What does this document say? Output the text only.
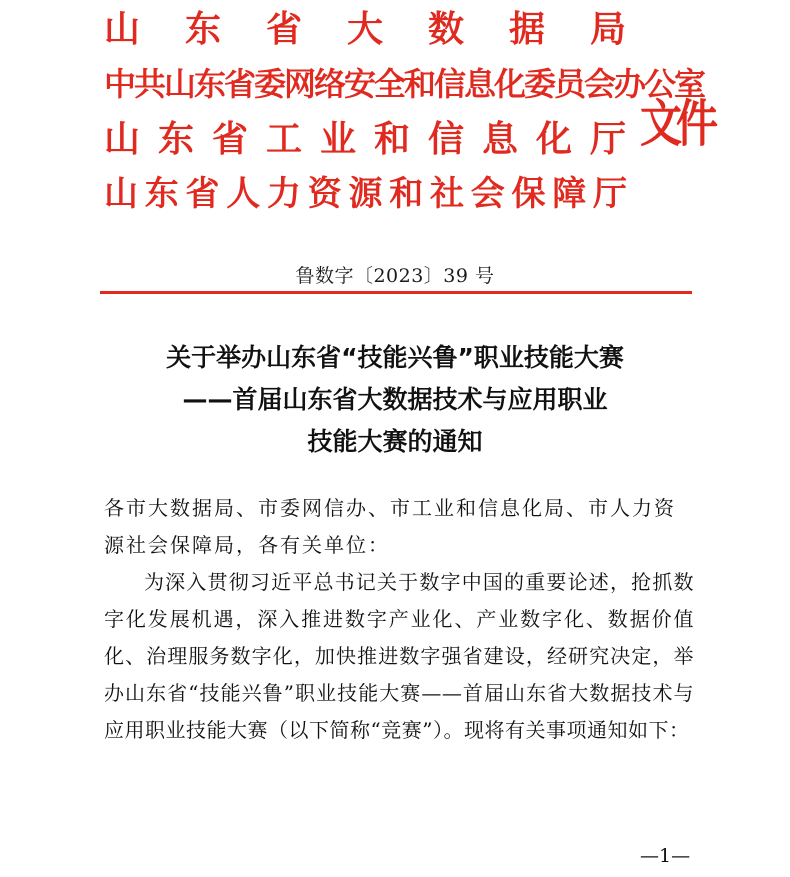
山 东 省 大 数 据 局
中共山东省委网络安全和信息化委员会办公室
山 东 省 工 业 和 信 息 化 厅
山东省人力资源和社会保障厅
文件
鲁数字〔2023〕39 号
关于举办山东省“技能兴鲁”职业技能大赛
——首届山东省大数据技术与应用职业
技能大赛的通知

各市大数据局、市委网信办、市工业和信息化局、市人力资源社会保障局，各有关单位：

为深入贯彻习近平总书记关于数字中国的重要论述，抢抓数字化发展机遇，深入推进数字产业化、产业数字化、数据价值化、治理服务数字化，加快推进数字强省建设，经研究决定，举办山东省“技能兴鲁”职业技能大赛——首届山东省大数据技术与应用职业技能大赛（以下简称“竞赛”）。现将有关事项通知如下：

—1—
